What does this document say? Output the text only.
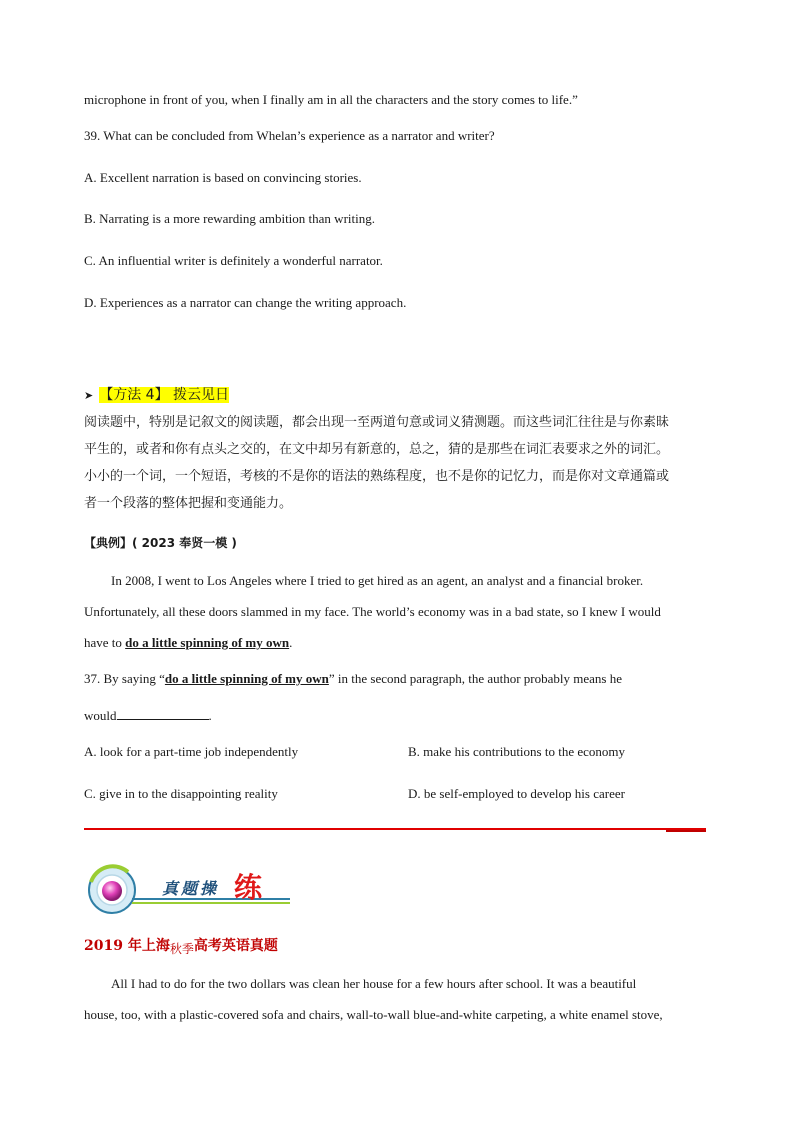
microphone in front of you, when I finally am in all the characters and the story comes to life.”
39. What can be concluded from Whelan’s experience as a narrator and writer?
A. Excellent narration is based on convincing stories.
B. Narrating is a more rewarding ambition than writing.
C. An influential writer is definitely a wonderful narrator.
D. Experiences as a narrator can change the writing approach.
➤ 【方法 4】 拨云见日
阅读题中，特别是记叙文的阅读题，都会出现一至两道句意或词义猜测题。而这些词汇往往是与你素昧
平生的，或者和你有点头之交的，在文中却另有新意的，总之，猜的是那些在词汇表要求之外的词汇。
小小的一个词，一个短语，考核的不是你的语法的熟练程度，也不是你的记忆力，而是你对文章通篇或
者一个段落的整体把握和变通能力。
【典例】( 2023 奉贤一模 )
In 2008, I went to Los Angeles where I tried to get hired as an agent, an analyst and a financial broker.
Unfortunately, all these doors slammed in my face. The world’s economy was in a bad state, so I knew I would
have to do a little spinning of my own.
37. By saying “do a little spinning of my own” in the second paragraph, the author probably means he
would	.
A. look for a part-time job independently	B. make his contributions to the economy
C. give in to the disappointing reality	D. be self-employed to develop his career
真题操 练
2019 年上海秋季高考英语真题
All I had to do for the two dollars was clean her house for a few hours after school. It was a beautiful
house, too, with a plastic-covered sofa and chairs, wall-to-wall blue-and-white carpeting, a white enamel stove,
